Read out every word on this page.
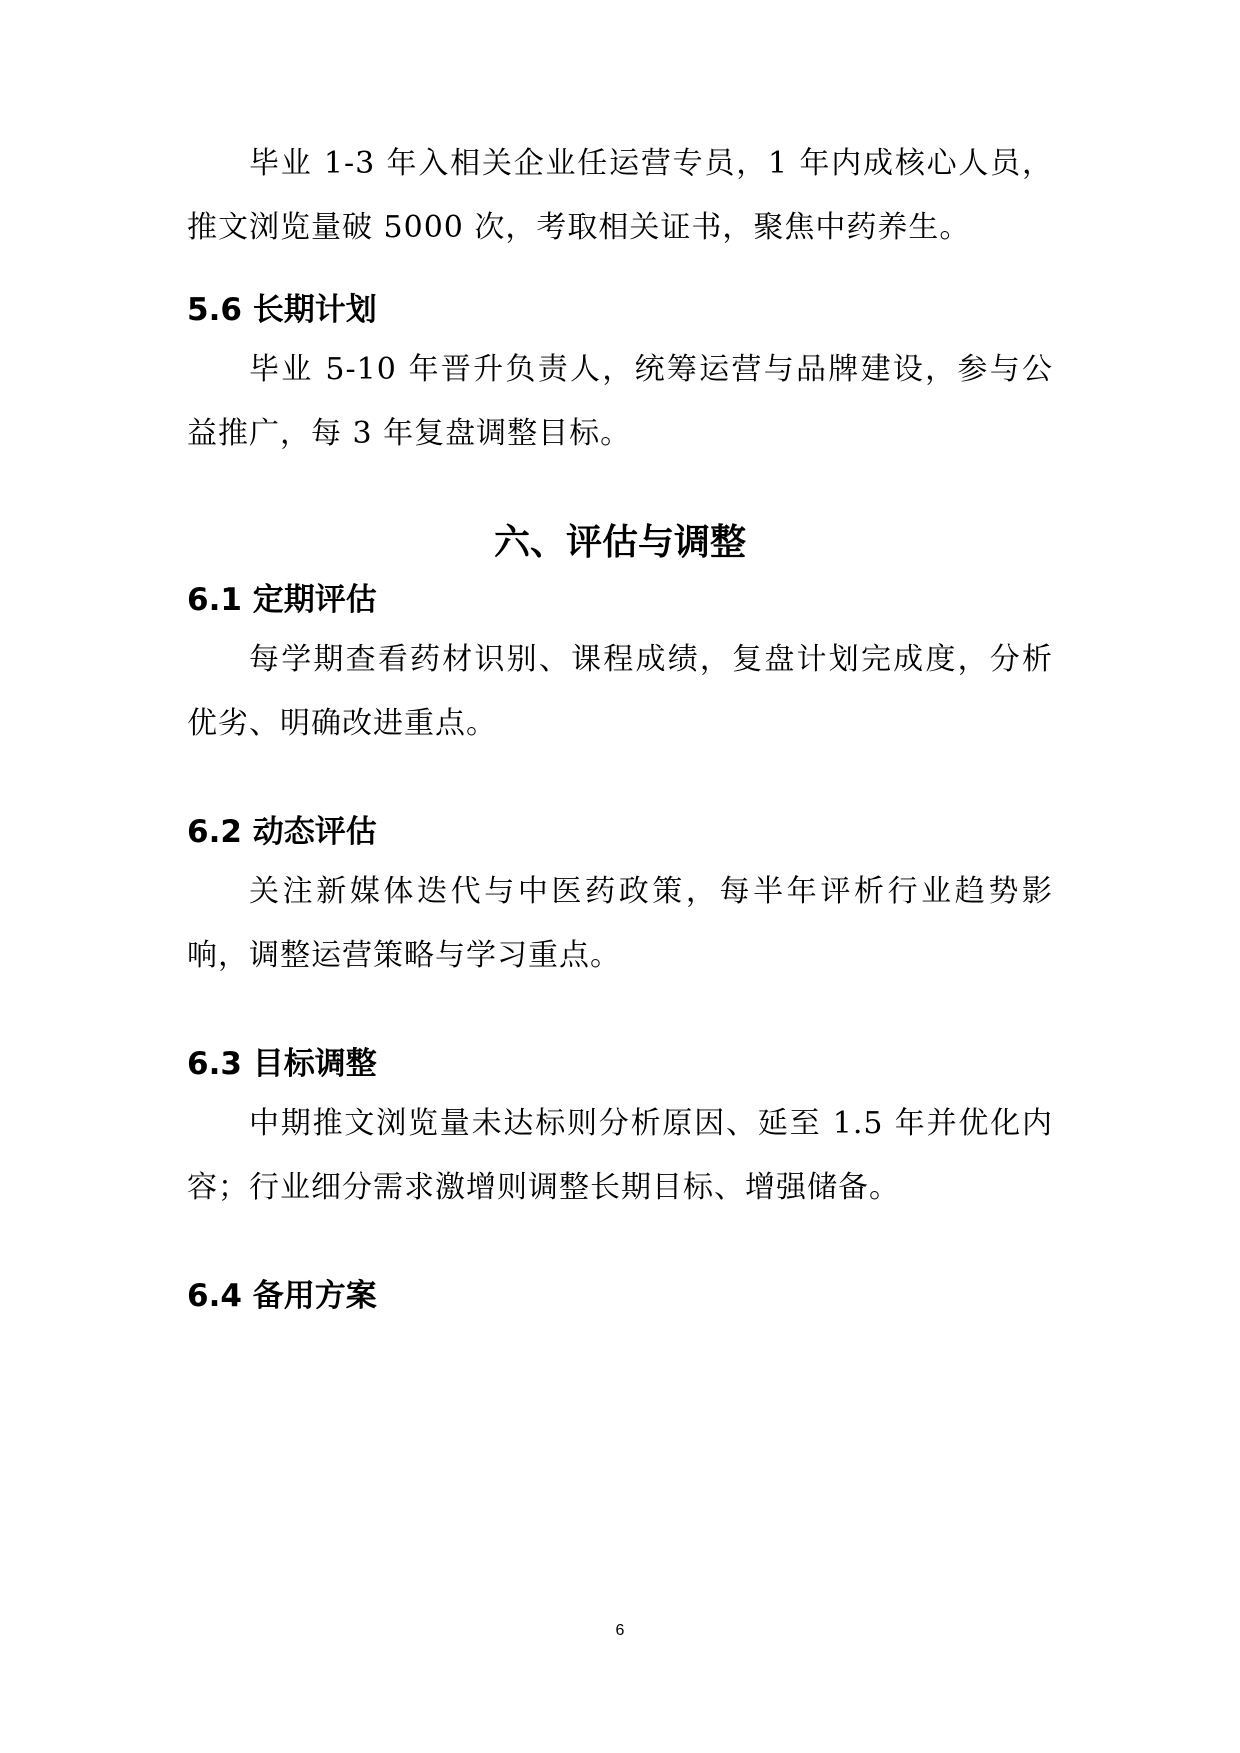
毕业 1-3 年入相关企业任运营专员，1 年内成核心人员，推文浏览量破 5000 次，考取相关证书，聚焦中药养生。

5.6 长期计划

毕业 5-10 年晋升负责人，统筹运营与品牌建设，参与公益推广，每 3 年复盘调整目标。

六、评估与调整
6.1 定期评估

每学期查看药材识别、课程成绩，复盘计划完成度，分析优劣、明确改进重点。

6.2 动态评估

关注新媒体迭代与中医药政策，每半年评析行业趋势影响，调整运营策略与学习重点。

6.3 目标调整

中期推文浏览量未达标则分析原因、延至 1.5 年并优化内容；行业细分需求激增则调整长期目标、增强储备。

6.4 备用方案
6
